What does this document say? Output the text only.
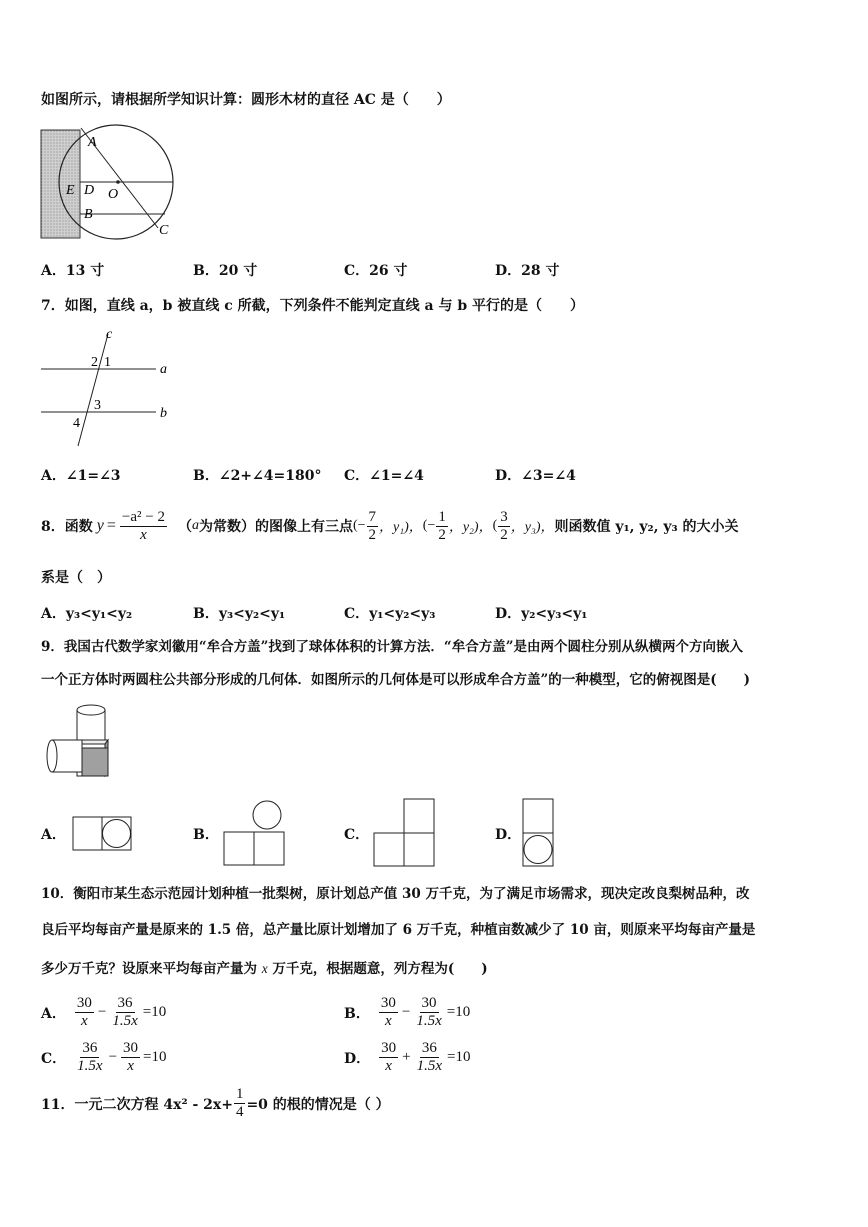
如图所示，请根据所学知识计算：圆形木材的直径 AC 是（　　）
A
E D O
B
C
A．13 寸	B．20 寸	C．26 寸	D．28 寸
7．如图，直线 a，b 被直线 c 所截，下列条件不能判定直线 a 与 b 平行的是（　　）
c
2 1	a
3
b
4
A．∠1=∠3	B．∠2+∠4=180° C．∠1=∠4	D．∠3=∠4
8． 函数 $y = \frac{\text{−a² − 2}}{x}$ （ a 为常数）的图像上有三点 (− $\frac{7}{2}$ ，y₁)， (− $\frac{1}{2}$ ，y₂)， ( $\frac{3}{2}$ ，y₃)， 则函数值 y₁, y₂, y₃ 的大小关
系是（　）
A．y₃<y₁<y₂	B．y₃<y₂<y₁	C．y₁<y₂<y₃	D．y₂<y₃<y₁
9．我国古代数学家刘徽用“牟合方盖”找到了球体体积的计算方法．“牟合方盖”是由两个圆柱分别从纵横两个方向嵌入
一个正方体时两圆柱公共部分形成的几何体．如图所示的几何体是可以形成牟合方盖”的一种模型，它的俯视图是(　　)
A．	B．	C．	D．
10．衡阳市某生态示范园计划种植一批梨树，原计划总产值 30 万千克，为了满足市场需求，现决定改良梨树品种，改
良后平均每亩产量是原来的 1.5 倍，总产量比原计划增加了 6 万千克，种植亩数减少了 10 亩，则原来平均每亩产量是
多少万千克？设原来平均每亩产量为 x 万千克，根据题意，列方程为(　　)
A． $\frac{30}{x} - \frac{36}{1.5x} =10$	B． $\frac{30}{x} - \frac{30}{1.5x} =10$
C． $\frac{36}{1.5x} - \frac{30}{x} =10$	D． $\frac{30}{x} + \frac{36}{1.5x} =10$
11．一元二次方程 $4x^2 - 2x+ \frac{1}{4} =0$ 的根的情况是（ ）
